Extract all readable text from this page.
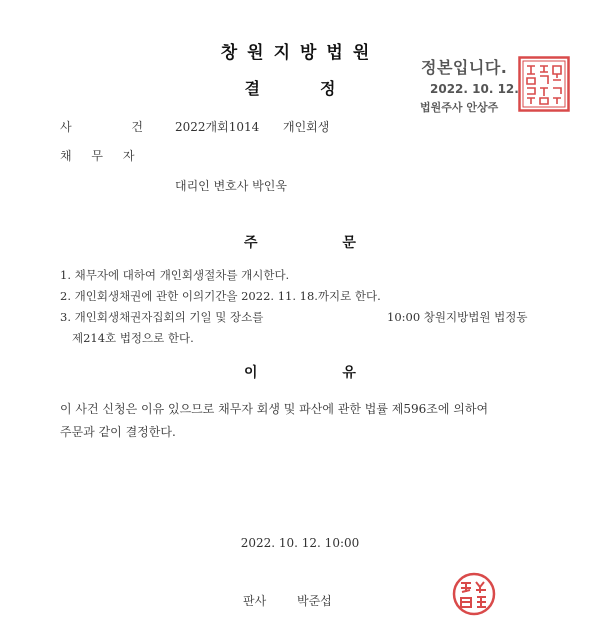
창원지방법원
결정
정본입니다.
2022. 10. 12.
법원주사 안상주
사 건 2022개회1014 개인회생
채 무 자
대리인 변호사 박인욱
주 문
1. 채무자에 대하여 개인회생절차를 개시한다.
2. 개인회생채권에 관한 이의기간을 2022. 11. 18.까지로 한다.
3. 개인회생채권자집회의 기일 및 장소를	10:00 창원지방법원 법정동
제214호 법정으로 한다.
이 유
이 사건 신청은 이유 있으므로 채무자 회생 및 파산에 관한 법률 제596조에 의하여
주문과 같이 결정한다.
2022. 10. 12. 10:00
판사	박준섭
